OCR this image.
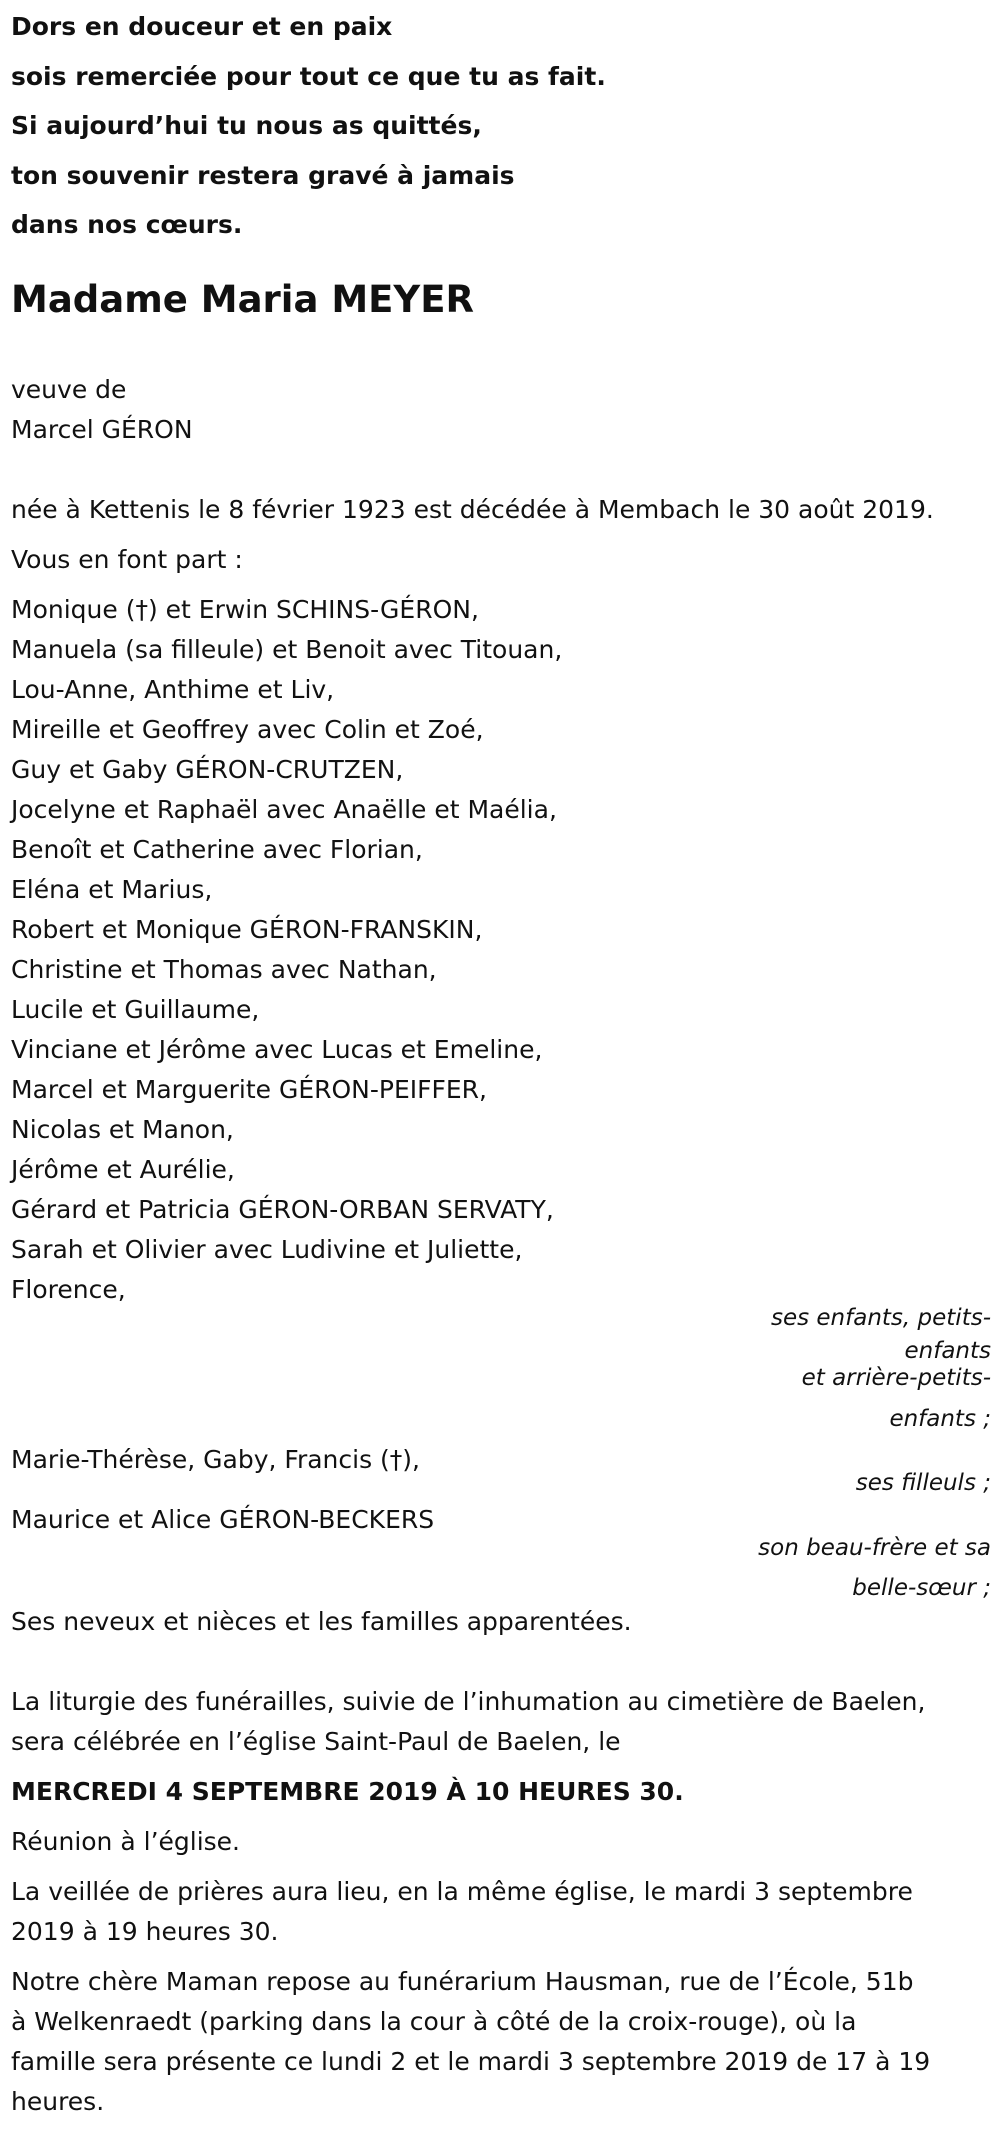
Dors en douceur et en paix
sois remerciée pour tout ce que tu as fait.
Si aujourd’hui tu nous as quittés,
ton souvenir restera gravé à jamais
dans nos cœurs.
Madame Maria MEYER
veuve de
Marcel GÉRON
née à Kettenis le 8 février 1923 est décédée à Membach le 30 août 2019.
Vous en font part :
Monique (†) et Erwin SCHINS-GÉRON,
Manuela (sa filleule) et Benoit avec Titouan,
Lou-Anne, Anthime et Liv,
Mireille et Geoffrey avec Colin et Zoé,
Guy et Gaby GÉRON-CRUTZEN,
Jocelyne et Raphaël avec Anaëlle et Maélia,
Benoît et Catherine avec Florian,
Eléna et Marius,
Robert et Monique GÉRON-FRANSKIN,
Christine et Thomas avec Nathan,
Lucile et Guillaume,
Vinciane et Jérôme avec Lucas et Emeline,
Marcel et Marguerite GÉRON-PEIFFER,
Nicolas et Manon,
Jérôme et Aurélie,
Gérard et Patricia GÉRON-ORBAN SERVATY,
Sarah et Olivier avec Ludivine et Juliette,
Florence,
ses enfants, petits-
enfants
et arrière-petits-
enfants ;
Marie-Thérèse, Gaby, Francis (†),
ses filleuls ;
Maurice et Alice GÉRON-BECKERS
son beau-frère et sa
belle-sœur ;
Ses neveux et nièces et les familles apparentées.
La liturgie des funérailles, suivie de l’inhumation au cimetière de Baelen,
sera célébrée en l’église Saint-Paul de Baelen, le
MERCREDI 4 SEPTEMBRE 2019 À 10 HEURES 30.
Réunion à l’église.
La veillée de prières aura lieu, en la même église, le mardi 3 septembre
2019 à 19 heures 30.
Notre chère Maman repose au funérarium Hausman, rue de l’École, 51b
à Welkenraedt (parking dans la cour à côté de la croix-rouge), où la
famille sera présente ce lundi 2 et le mardi 3 septembre 2019 de 17 à 19
heures.
